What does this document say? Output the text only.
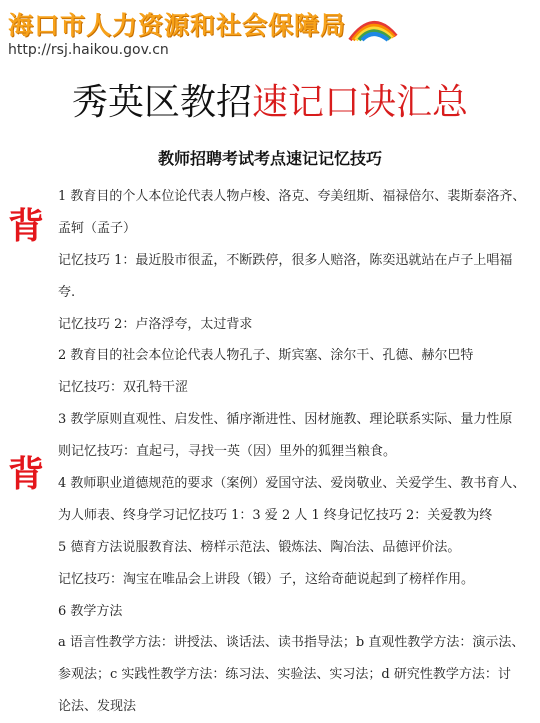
海口市人力资源和社会保障局
http://rsj.haikou.gov.cn
秀英区教招速记口诀汇总
教师招聘考试考点速记记忆技巧
背
背
1 教育目的个人本位论代表人物卢梭、洛克、夸美纽斯、福禄倍尔、裴斯泰洛齐、
孟轲（孟子）
记忆技巧 1：最近股市很孟，不断跌停，很多人赔洛，陈奕迅就站在卢子上唱福
夸.
记忆技巧 2：卢洛浮夸，太过背求
2 教育目的社会本位论代表人物孔子、斯宾塞、涂尔干、孔德、赫尔巴特
记忆技巧：双孔特干涩
3 教学原则直观性、启发性、循序渐进性、因材施教、理论联系实际、量力性原
则记忆技巧：直起弓，寻找一英（因）里外的狐狸当粮食。
4 教师职业道德规范的要求（案例）爱国守法、爱岗敬业、关爱学生、教书育人、
为人师表、终身学习记忆技巧 1：3 爱 2 人 1 终身记忆技巧 2：关爱教为终
5 德育方法说服教育法、榜样示范法、锻炼法、陶冶法、品德评价法。
记忆技巧：淘宝在唯品会上讲段（锻）子，这给奇葩说起到了榜样作用。
6 教学方法
a 语言性教学方法：讲授法、谈话法、读书指导法；b 直观性教学方法：演示法、
参观法；c 实践性教学方法：练习法、实验法、实习法；d 研究性教学方法：讨
论法、发现法
